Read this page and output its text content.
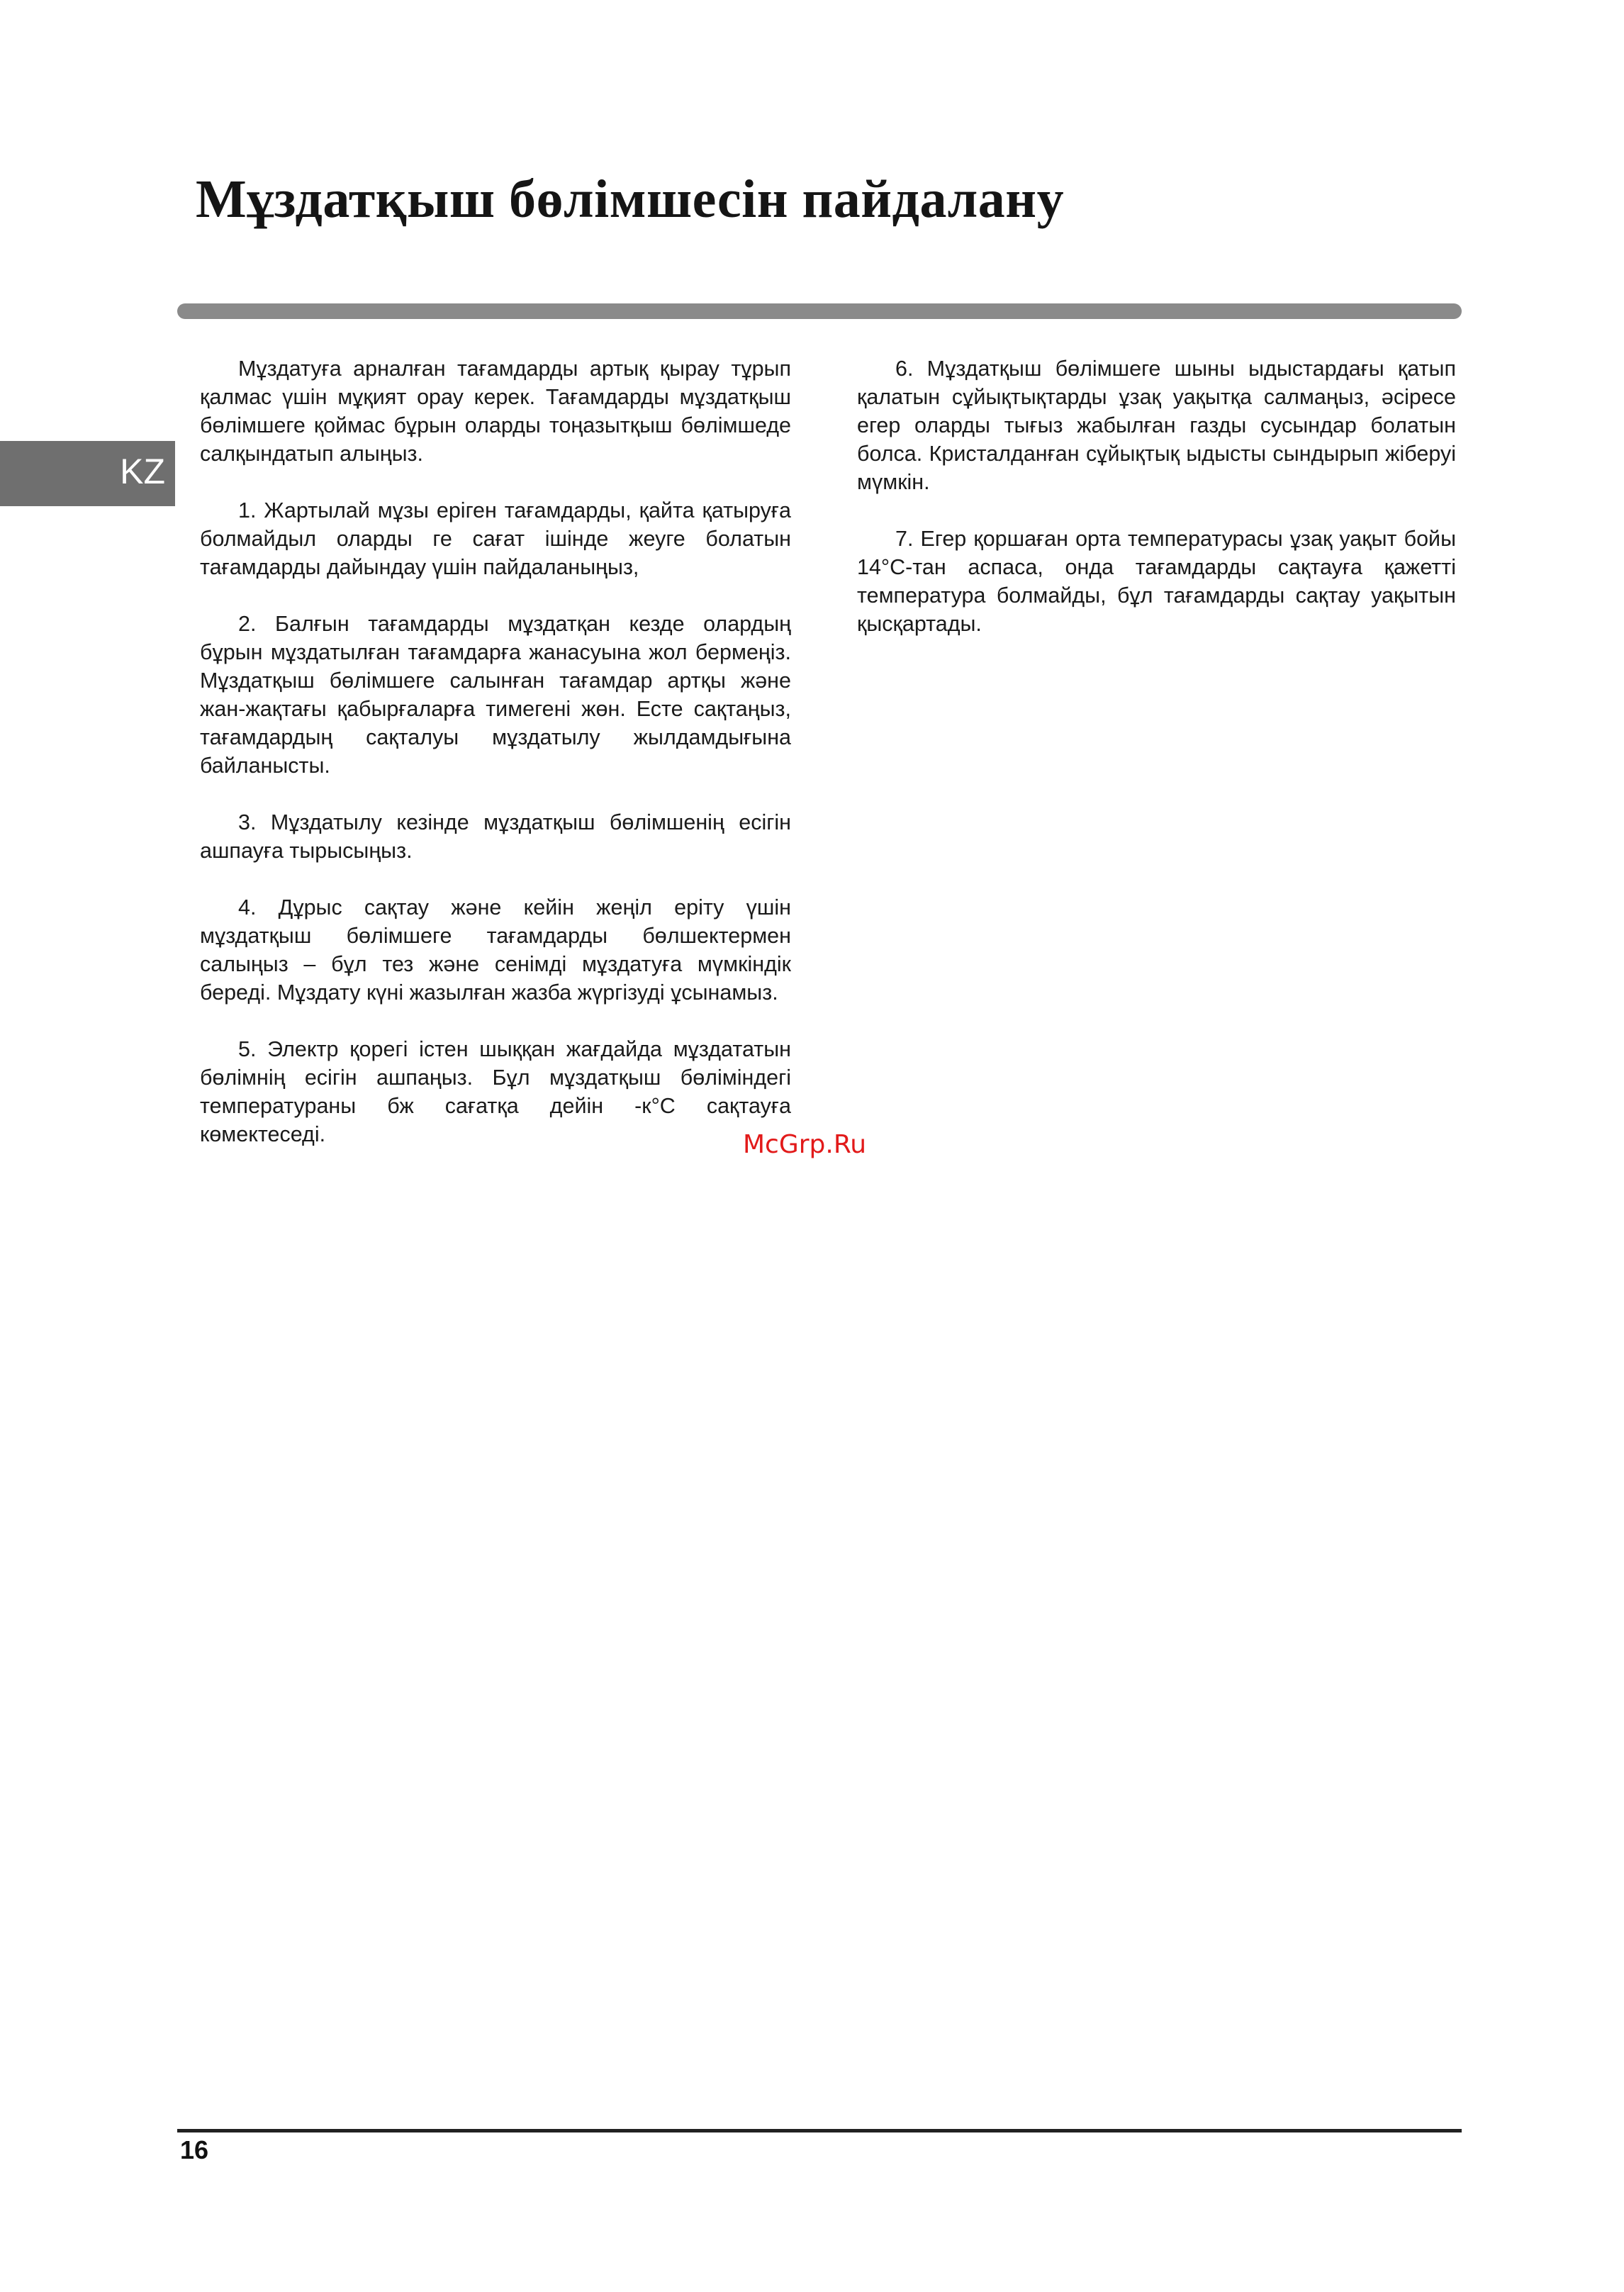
Мұздатқыш бөлімшесін пайдалану
KZ

Мұздатуға арналған тағамдарды артық қырау тұрып қалмас үшін мұқият орау керек. Тағамдарды мұздатқыш бөлімшеге қоймас бұрын оларды тоңазытқыш бөлімшеде салқындатып алыңыз.

1. Жартылай мұзы еріген тағамдарды, қайта қатыруға болмайдыл оларды ге сағат ішінде жеуге болатын тағамдарды дайындау үшін пайдаланыңыз,

2. Балғын тағамдарды мұздатқан кезде олардың бұрын мұздатылған тағамдарға жанасуына жол бермеңіз. Мұздатқыш бөлімшеге салынған тағамдар артқы және жан-жақтағы қабырғаларға тимегені жөн. Есте сақтаңыз, тағамдардың сақталуы мұздатылу жылдамдығына байланысты.

3. Мұздатылу кезінде мұздатқыш бөлімшенің есігін ашпауға тырысыңыз.

4. Дұрыс сақтау және кейін жеңіл еріту үшін мұздатқыш бөлімшеге тағамдарды бөлшектермен салыңыз – бұл тез және сенімді мұздатуға мүмкіндік береді. Мұздату күні жазылған жазба жүргізуді ұсынамыз.

5. Электр қорегі істен шыққан жағдайда мұздататын бөлімнің есігін ашпаңыз. Бұл мұздатқыш бөліміндегі температураны бж сағатқа дейін -к°С сақтауға көмектеседі.

6. Мұздатқыш бөлімшеге шыны ыдыстардағы қатып қалатын сұйықтықтарды ұзақ уақытқа салмаңыз, әсіресе егер оларды тығыз жабылған газды сусындар болатын болса. Кристалданған сұйықтық ыдысты сындырып жіберуі мүмкін.

7. Егер қоршаған орта температурасы ұзақ уақыт бойы 14°С-тан аспаса, онда тағамдарды сақтауға қажетті температура болмайды, бұл тағамдарды сақтау уақытын қысқартады.

McGrp.Ru
16
